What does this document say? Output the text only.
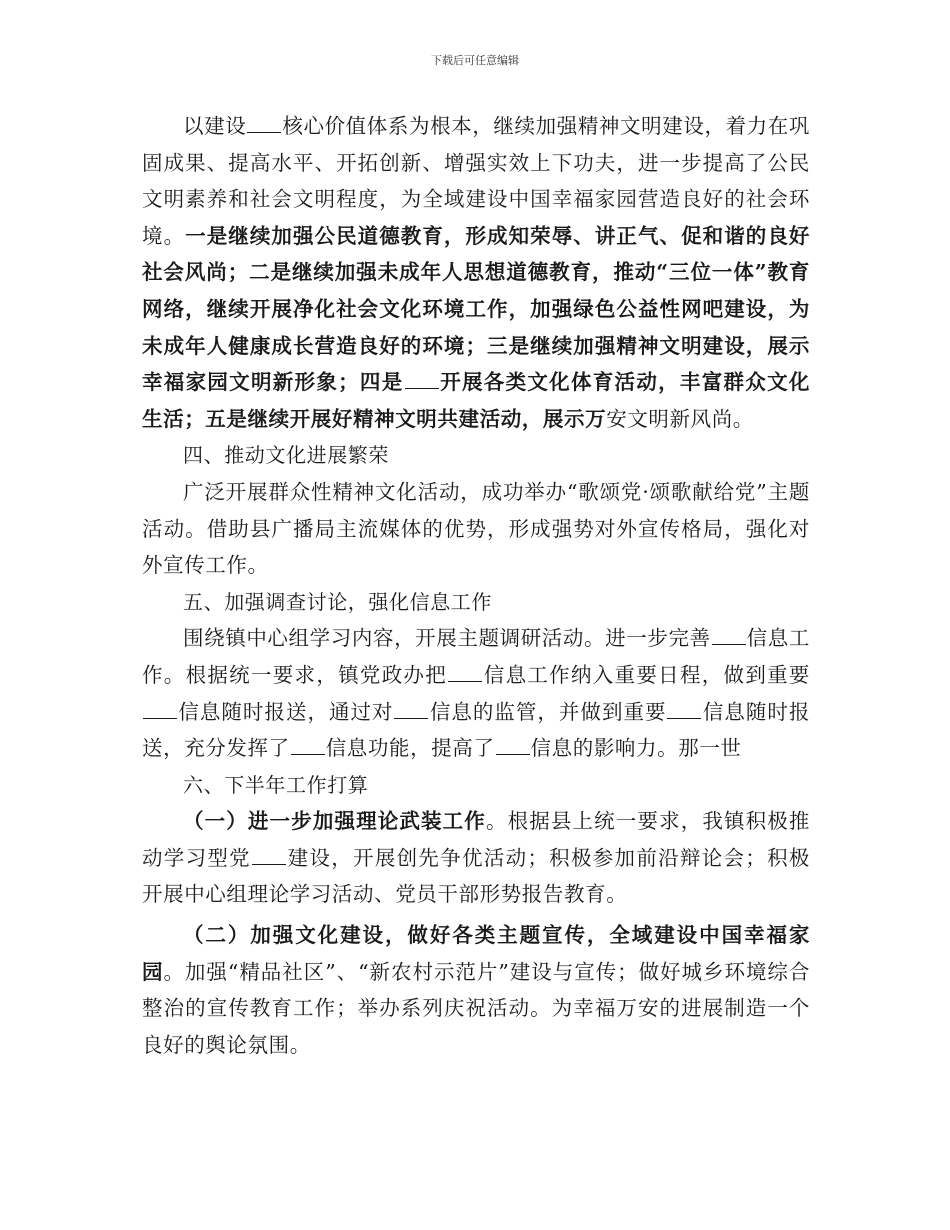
下载后可任意编辑

以建设 核心价值体系为根本，继续加强精神文明建设，着力在巩固成果、提高水平、开拓创新、增强实效上下功夫，进一步提高了公民文明素养和社会文明程度，为全域建设中国幸福家园营造良好的社会环境。一是继续加强公民道德教育，形成知荣辱、讲正气、促和谐的良好社会风尚；二是继续加强未成年人思想道德教育，推动“三位一体”教育网络，继续开展净化社会文化环境工作，加强绿色公益性网吧建设，为未成年人健康成长营造良好的环境；三是继续加强精神文明建设，展示幸福家园文明新形象；四是 开展各类文化体育活动，丰富群众文化生活；五是继续开展好精神文明共建活动，展示万安文明新风尚。

四、推动文化进展繁荣

广泛开展群众性精神文化活动，成功举办“歌颂党·颂歌献给党”主题活动。借助县广播局主流媒体的优势，形成强势对外宣传格局，强化对外宣传工作。

五、加强调查讨论，强化信息工作

围绕镇中心组学习内容，开展主题调研活动。进一步完善 信息工作。根据统一要求，镇党政办把 信息工作纳入重要日程，做到重要信息随时报送，通过对 信息的监管，并做到重要 信息随时报送，充分发挥了 信息功能，提高了 信息的影响力。那一世

六、下半年工作打算

（一）进一步加强理论武装工作。根据县上统一要求，我镇积极推动学习型党 建设，开展创先争优活动；积极参加前沿辩论会；积极开展中心组理论学习活动、党员干部形势报告教育。

（二）加强文化建设，做好各类主题宣传，全域建设中国幸福家园。加强“精品社区”、“新农村示范片”建设与宣传；做好城乡环境综合整治的宣传教育工作；举办系列庆祝活动。为幸福万安的进展制造一个良好的舆论氛围。
